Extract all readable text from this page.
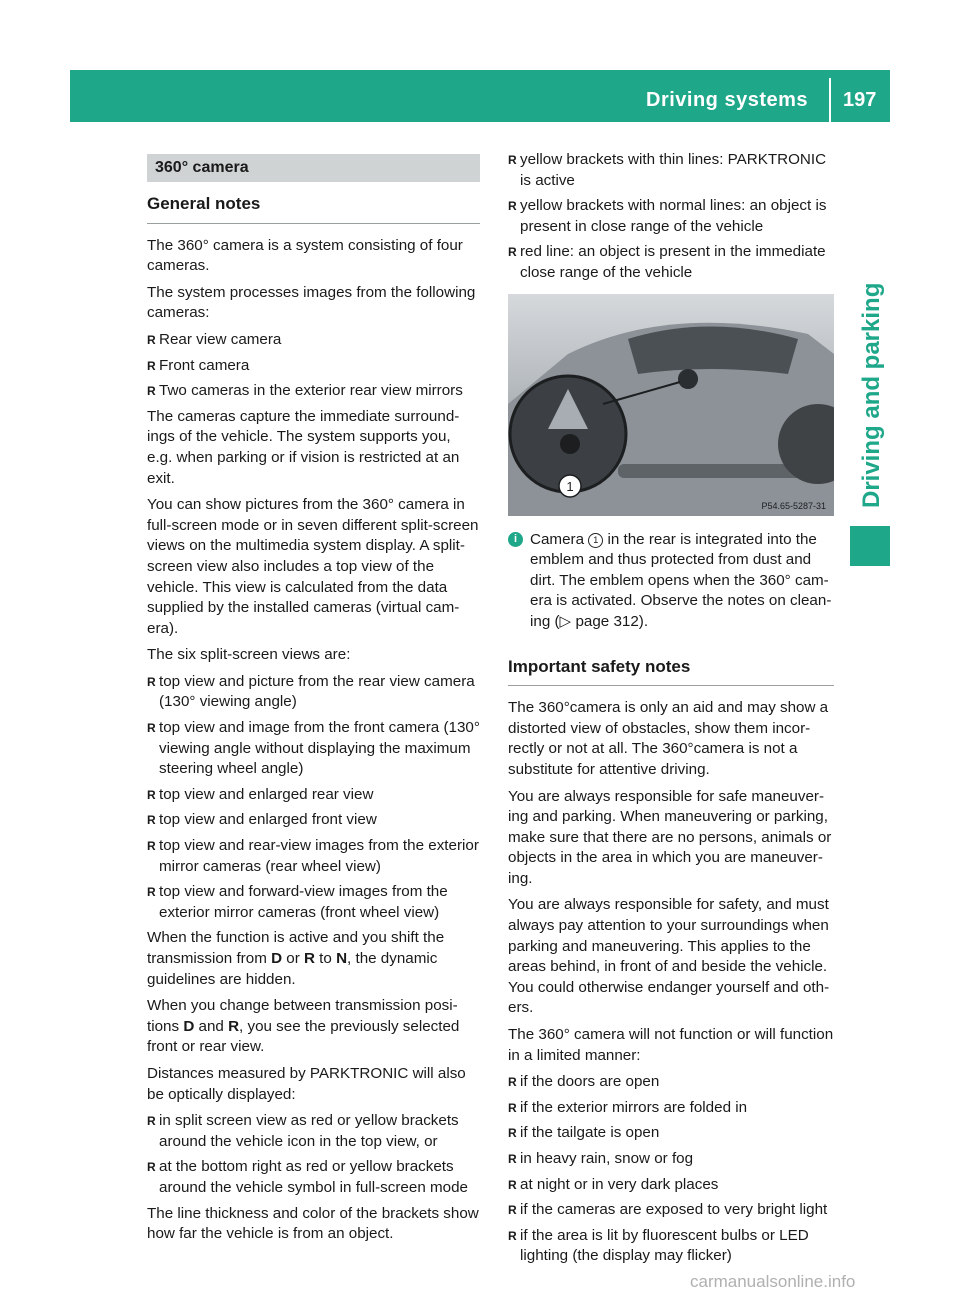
Driving systems 197
Driving and parking
360° camera
General notes

The 360° camera is a system consisting of four cameras.

The system processes images from the following cameras:

R Rear view camera
R Front camera
R Two cameras in the exterior rear view mirrors

The cameras capture the immediate surroundings of the vehicle. The system supports you, e.g. when parking or if vision is restricted at an exit.

You can show pictures from the 360° camera in full-screen mode or in seven different split-screen views on the multimedia system display. A split-screen view also includes a top view of the vehicle. This view is calculated from the data supplied by the installed cameras (virtual camera).

The six split-screen views are:

R top view and picture from the rear view camera (130° viewing angle)
R top view and image from the front camera (130° viewing angle without displaying the maximum steering wheel angle)
R top view and enlarged rear view
R top view and enlarged front view
R top view and rear-view images from the exterior mirror cameras (rear wheel view)
R top view and forward-view images from the exterior mirror cameras (front wheel view)

When the function is active and you shift the transmission from D or R to N, the dynamic guidelines are hidden.

When you change between transmission positions D and R, you see the previously selected front or rear view.

Distances measured by PARKTRONIC will also be optically displayed:

R in split screen view as red or yellow brackets around the vehicle icon in the top view, or
R at the bottom right as red or yellow brackets around the vehicle symbol in full-screen mode

The line thickness and color of the brackets show how far the vehicle is from an object.

R yellow brackets with thin lines: PARKTRONIC is active
R yellow brackets with normal lines: an object is present in close range of the vehicle
R red line: an object is present in the immediate close range of the vehicle
1
P54.65-5287-31

i Camera 1 in the rear is integrated into the emblem and thus protected from dust and dirt. The emblem opens when the 360° camera is activated. Observe the notes on cleaning (▷ page 312).

Important safety notes

The 360°camera is only an aid and may show a distorted view of obstacles, show them incorrectly or not at all. The 360°camera is not a substitute for attentive driving.

You are always responsible for safe maneuvering and parking. When maneuvering or parking, make sure that there are no persons, animals or objects in the area in which you are maneuvering.

You are always responsible for safety, and must always pay attention to your surroundings when parking and maneuvering. This applies to the areas behind, in front of and beside the vehicle. You could otherwise endanger yourself and others.

The 360° camera will not function or will function in a limited manner:

R if the doors are open
R if the exterior mirrors are folded in
R if the tailgate is open
R in heavy rain, snow or fog
R at night or in very dark places
R if the cameras are exposed to very bright light
R if the area is lit by fluorescent bulbs or LED lighting (the display may flicker)
carmanualsonline.info
